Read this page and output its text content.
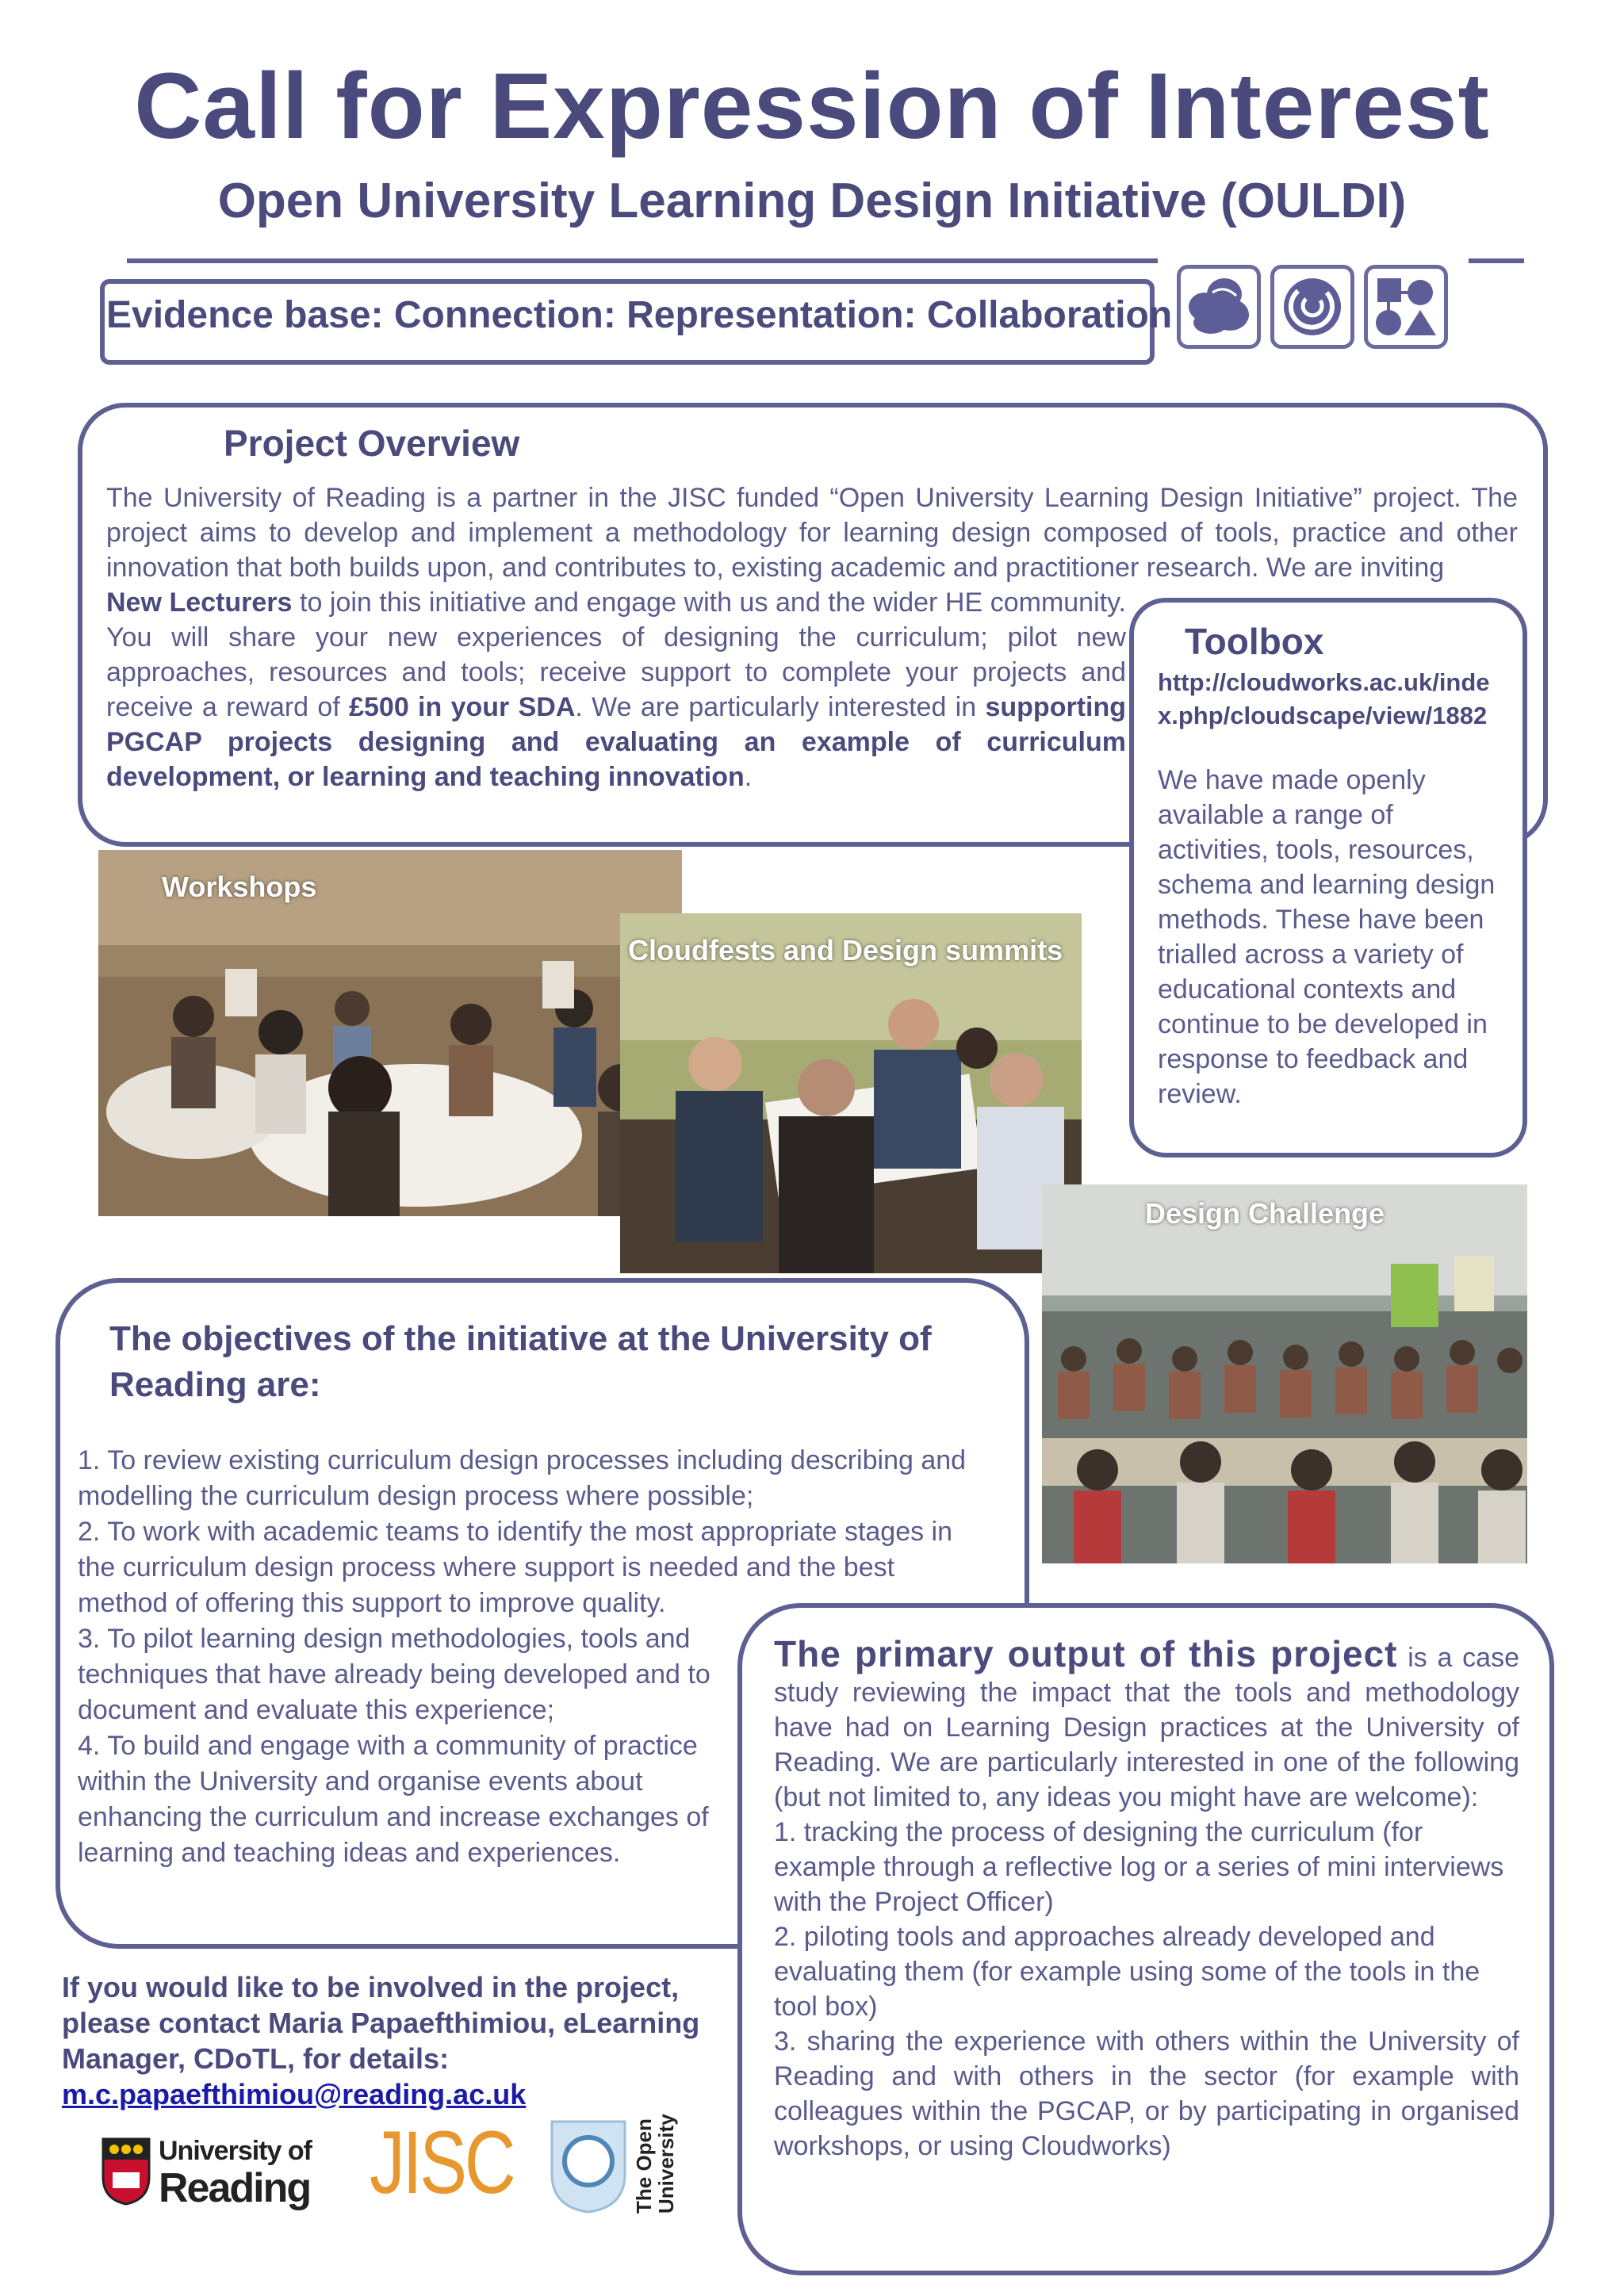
Call for Expression of Interest
Open University Learning Design Initiative (OULDI)
Evidence base: Connection: Representation: Collaboration
Project Overview
The University of Reading is a partner in the JISC funded “Open University Learning Design Initiative” project. The project aims to develop and implement a methodology for learning design composed of tools, practice and other innovation that both builds upon, and contributes to, existing academic and practitioner research. We are inviting
New Lecturers to join this initiative and engage with us and the wider HE community. You will share your new experiences of designing the curriculum; pilot new approaches, resources and tools; receive support to complete your projects and receive a reward of £500 in your SDA. We are particularly interested in supporting PGCAP projects designing and evaluating an example of curriculum development, or learning and teaching innovation.
Workshops
Cloudfests and Design summits
Design Challenge
Toolbox
http://cloudworks.ac.uk/index.php/cloudscape/view/1882
We have made openly available a range of activities, tools, resources, schema and learning design methods. These have been trialled across a variety of educational contexts and continue to be developed in response to feedback and review.
The objectives of the initiative at the University of Reading are:
1. To review existing curriculum design processes including describing and modelling the curriculum design process where possible;
2. To work with academic teams to identify the most appropriate stages in the curriculum design process where support is needed and the best method of offering this support to improve quality.
3. To pilot learning design methodologies, tools and techniques that have already being developed and to document and evaluate this experience;
4. To build and engage with a community of practice within the University and organise events about enhancing the curriculum and increase exchanges of learning and teaching ideas and experiences.
The primary output of this project is a case study reviewing the impact that the tools and methodology have had on Learning Design practices at the University of Reading. We are particularly interested in one of the following (but not limited to, any ideas you might have are welcome):
1. tracking the process of designing the curriculum (for example through a reflective log or a series of mini interviews with the Project Officer)
2. piloting tools and approaches already developed and evaluating them (for example using some of the tools in the tool box)
3. sharing the experience with others within the University of Reading and with others in the sector (for example with colleagues within the PGCAP, or by participating in organised workshops, or using Cloudworks)
If you would like to be involved in the project, please contact Maria Papaefthimiou, eLearning Manager, CDoTL, for details:
m.c.papaefthimiou@reading.ac.uk
University of
Reading JISC	The Open
University
